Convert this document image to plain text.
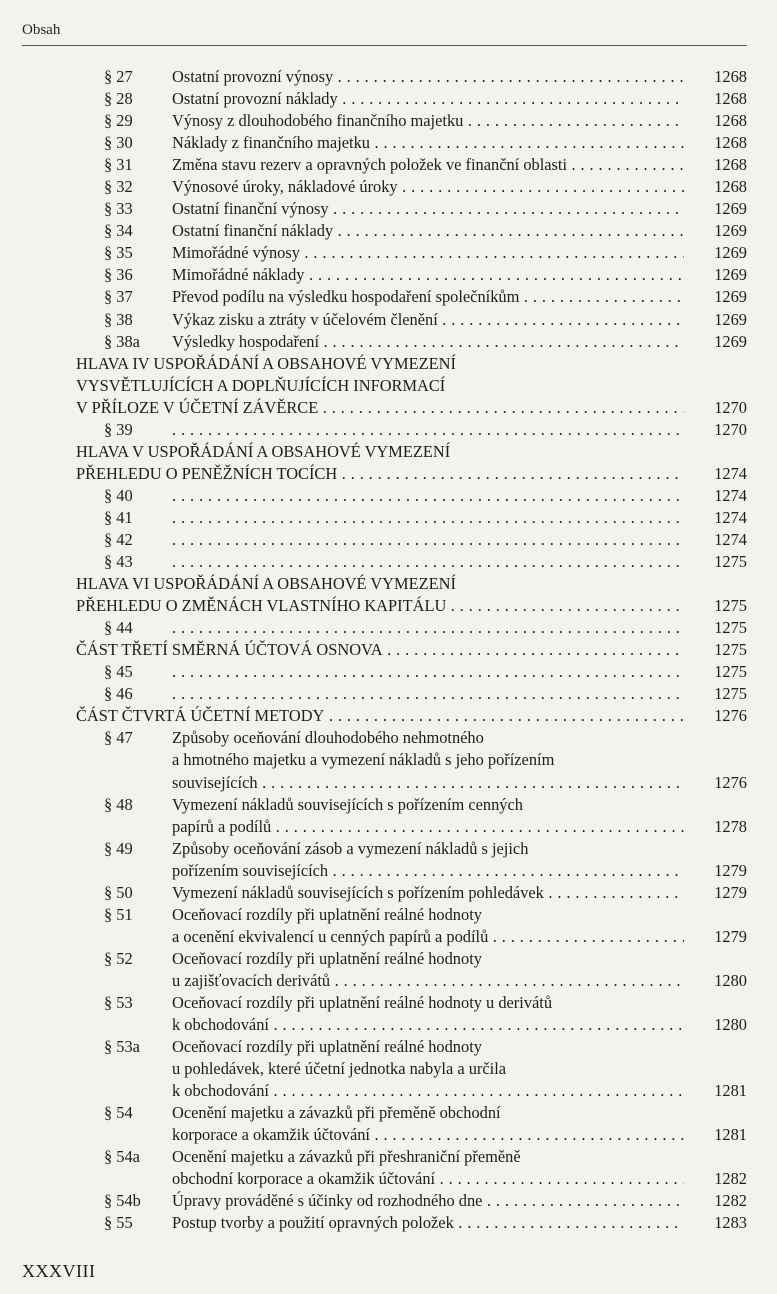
Obsah
§ 27 Ostatní provozní výnosy . . .	1268
§ 28 Ostatní provozní náklady . . .	1268
§ 29 Výnosy z dlouhodobého finančního majetku . . .	1268
§ 30 Náklady z finančního majetku . . .	1268
§ 31 Změna stavu rezerv a opravných položek ve finanční oblasti . . .	1268
§ 32 Výnosové úroky, nákladové úroky . . .	1268
§ 33 Ostatní finanční výnosy . . .	1269
§ 34 Ostatní finanční náklady . . .	1269
§ 35 Mimořádné výnosy . . .	1269
§ 36 Mimořádné náklady . . .	1269
§ 37 Převod podílu na výsledku hospodaření společníkům . . .	1269
§ 38 Výkaz zisku a ztráty v účelovém členění . . .	1269
§ 38a Výsledky hospodaření . . .	1269
HLAVA IV USPOŘÁDÁNÍ A OBSAHOVÉ VYMEZENÍ
VYSVĚTLUJÍCÍCH A DOPLŇUJÍCÍCH INFORMACÍ
V PŘÍLOZE V ÚČETNÍ ZÁVĚRCE . . .	1270
§ 39 . . .	1270
HLAVA V USPOŘÁDÁNÍ A OBSAHOVÉ VYMEZENÍ
PŘEHLEDU O PENĚŽNÍCH TOCÍCH . . .	1274
§ 40 . . .	1274
§ 41 . . .	1274
§ 42 . . .	1274
§ 43 . . .	1275
HLAVA VI USPOŘÁDÁNÍ A OBSAHOVÉ VYMEZENÍ
PŘEHLEDU O ZMĚNÁCH VLASTNÍHO KAPITÁLU . . .	1275
§ 44 . . .	1275
ČÁST TŘETÍ SMĚRNÁ ÚČTOVÁ OSNOVA . . .	1275
§ 45 . . .	1275
§ 46 . . .	1275
ČÁST ČTVRTÁ ÚČETNÍ METODY . . .	1276
§ 47 Způsoby oceňování dlouhodobého nehmotného
a hmotného majetku a vymezení nákladů s jeho pořízením
souvisejících . . .	1276
§ 48 Vymezení nákladů souvisejících s pořízením cenných
papírů a podílů . . .	1278
§ 49 Způsoby oceňování zásob a vymezení nákladů s jejich
pořízením souvisejících . . .	1279
§ 50 Vymezení nákladů souvisejících s pořízením pohledávek . . .	1279
§ 51 Oceňovací rozdíly při uplatnění reálné hodnoty
a ocenění ekvivalencí u cenných papírů a podílů . . .	1279
§ 52 Oceňovací rozdíly při uplatnění reálné hodnoty
u zajišťovacích derivátů . . .	1280
§ 53 Oceňovací rozdíly při uplatnění reálné hodnoty u derivátů
k obchodování . . .	1280
§ 53a Oceňovací rozdíly při uplatnění reálné hodnoty
u pohledávek, které účetní jednotka nabyla a určila
k obchodování . . .	1281
§ 54 Ocenění majetku a závazků při přeměně obchodní
korporace a okamžik účtování . . .	1281
§ 54a Ocenění majetku a závazků při přeshraniční přeměně
obchodní korporace a okamžik účtování . . .	1282
§ 54b Úpravy prováděné s účinky od rozhodného dne . . .	1282
§ 55 Postup tvorby a použití opravných položek . . .	1283
XXXVIII
